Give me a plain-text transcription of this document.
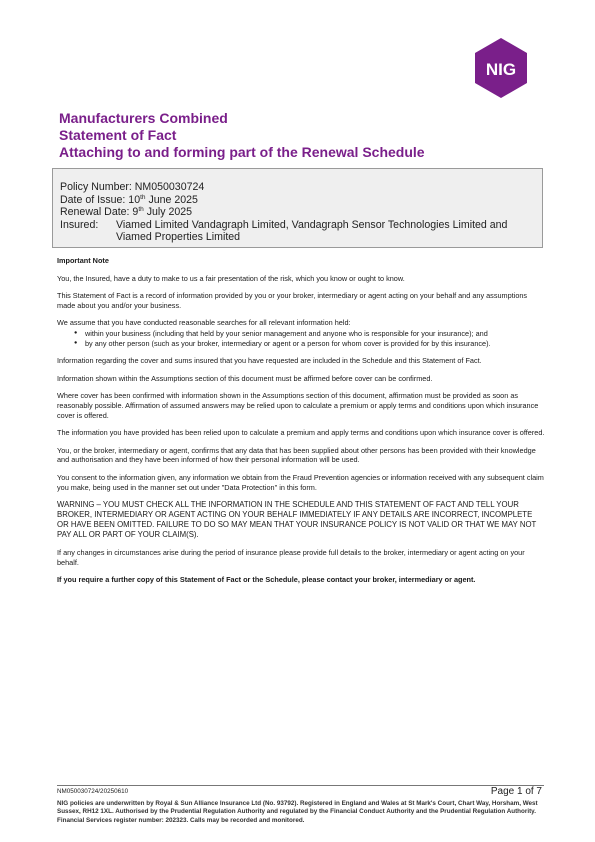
NIG
Manufacturers Combined
Statement of Fact
Attaching to and forming part of the Renewal Schedule
Policy Number: NM050030724
Date of Issue: 10th June 2025
Renewal Date: 9th July 2025
Insured:	Viamed Limited Vandagraph Limited, Vandagraph Sensor Technologies Limited and Viamed Properties Limited

Important Note

You, the Insured, have a duty to make to us a fair presentation of the risk, which you know or ought to know.

This Statement of Fact is a record of information provided by you or your broker, intermediary or agent acting on your behalf and any assumptions made about you and/or your business.

We assume that you have conducted reasonable searches for all relevant information held:

● within your business (including that held by your senior management and anyone who is responsible for your insurance); and
● by any other person (such as your broker, intermediary or agent or a person for whom cover is provided for by this insurance).

Information regarding the cover and sums insured that you have requested are included in the Schedule and this Statement of Fact.

Information shown within the Assumptions section of this document must be affirmed before cover can be confirmed.

Where cover has been confirmed with information shown in the Assumptions section of this document, affirmation must be provided as soon as reasonably possible. Affirmation of assumed answers may be relied upon to calculate a premium or apply terms and conditions upon which insurance cover is offered.

The information you have provided has been relied upon to calculate a premium and apply terms and conditions upon which insurance cover is offered.

You, or the broker, intermediary or agent, confirms that any data that has been supplied about other persons has been provided with their knowledge and authorisation and they have been informed of how their personal information will be used.

You consent to the information given, any information we obtain from the Fraud Prevention agencies or information received with any subsequent claim you make, being used in the manner set out under "Data Protection" in this form.

WARNING – YOU MUST CHECK ALL THE INFORMATION IN THE SCHEDULE AND THIS STATEMENT OF FACT AND TELL YOUR BROKER, INTERMEDIARY OR AGENT ACTING ON YOUR BEHALF IMMEDIATELY IF ANY DETAILS ARE INCORRECT, INCOMPLETE OR HAVE BEEN OMITTED. FAILURE TO DO SO MAY MEAN THAT YOUR INSURANCE POLICY IS NOT VALID OR THAT WE MAY NOT PAY ALL OR PART OF YOUR CLAIM(S).

If any changes in circumstances arise during the period of insurance please provide full details to the broker, intermediary or agent acting on your behalf.

If you require a further copy of this Statement of Fact or the Schedule, please contact your broker, intermediary or agent.

NM050030724/20250610	Page 1 of 7
NIG policies are underwritten by Royal & Sun Alliance Insurance Ltd (No. 93792). Registered in England and Wales at St Mark's Court, Chart Way, Horsham, West Sussex, RH12 1XL. Authorised by the Prudential Regulation Authority and regulated by the Financial Conduct Authority and the Prudential Regulation Authority. Financial Services register number: 202323. Calls may be recorded and monitored.
